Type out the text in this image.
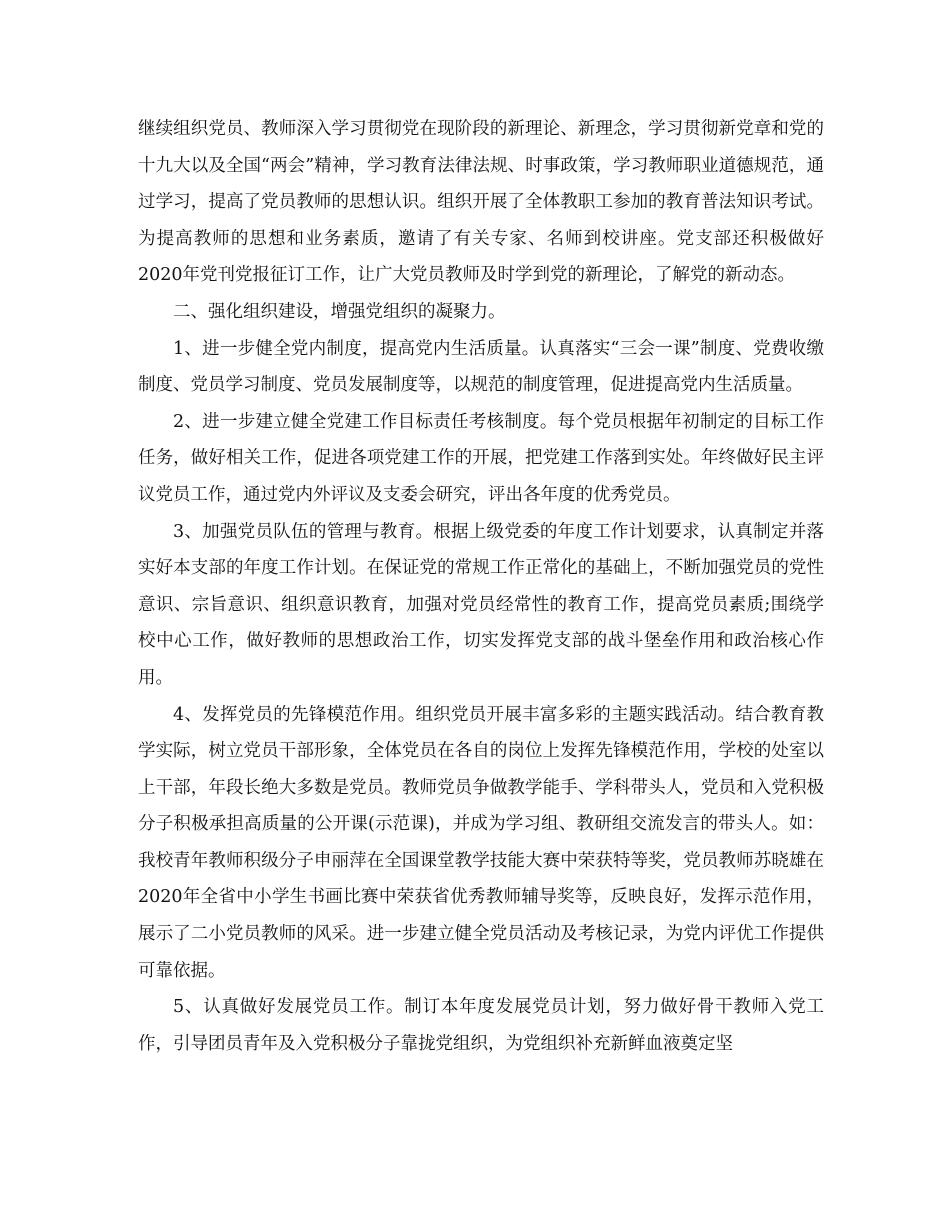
继续组织党员、教师深入学习贯彻党在现阶段的新理论、新理念，学习贯彻新党章和党的十九大以及全国“两会”精神，学习教育法律法规、时事政策，学习教师职业道德规范，通过学习，提高了党员教师的思想认识。组织开展了全体教职工参加的教育普法知识考试。为提高教师的思想和业务素质，邀请了有关专家、名师到校讲座。党支部还积极做好2020年党刊党报征订工作，让广大党员教师及时学到党的新理论，了解党的新动态。

二、强化组织建设，增强党组织的凝聚力。

1、进一步健全党内制度，提高党内生活质量。认真落实“三会一课”制度、党费收缴制度、党员学习制度、党员发展制度等，以规范的制度管理，促进提高党内生活质量。

2、进一步建立健全党建工作目标责任考核制度。每个党员根据年初制定的目标工作任务，做好相关工作，促进各项党建工作的开展，把党建工作落到实处。年终做好民主评议党员工作，通过党内外评议及支委会研究，评出各年度的优秀党员。

3、加强党员队伍的管理与教育。根据上级党委的年度工作计划要求，认真制定并落实好本支部的年度工作计划。在保证党的常规工作正常化的基础上，不断加强党员的党性意识、宗旨意识、组织意识教育，加强对党员经常性的教育工作，提高党员素质;围绕学校中心工作，做好教师的思想政治工作，切实发挥党支部的战斗堡垒作用和政治核心作用。

4、发挥党员的先锋模范作用。组织党员开展丰富多彩的主题实践活动。结合教育教学实际，树立党员干部形象，全体党员在各自的岗位上发挥先锋模范作用，学校的处室以上干部，年段长绝大多数是党员。教师党员争做教学能手、学科带头人，党员和入党积极分子积极承担高质量的公开课(示范课)，并成为学习组、教研组交流发言的带头人。如：我校青年教师积级分子申丽萍在全国课堂教学技能大赛中荣获特等奖，党员教师苏晓雄在2020年全省中小学生书画比赛中荣获省优秀教师辅导奖等，反映良好，发挥示范作用，展示了二小党员教师的风采。进一步建立健全党员活动及考核记录，为党内评优工作提供可靠依据。

5、认真做好发展党员工作。制订本年度发展党员计划，努力做好骨干教师入党工作，引导团员青年及入党积极分子靠拢党组织，为党组织补充新鲜血液奠定坚
